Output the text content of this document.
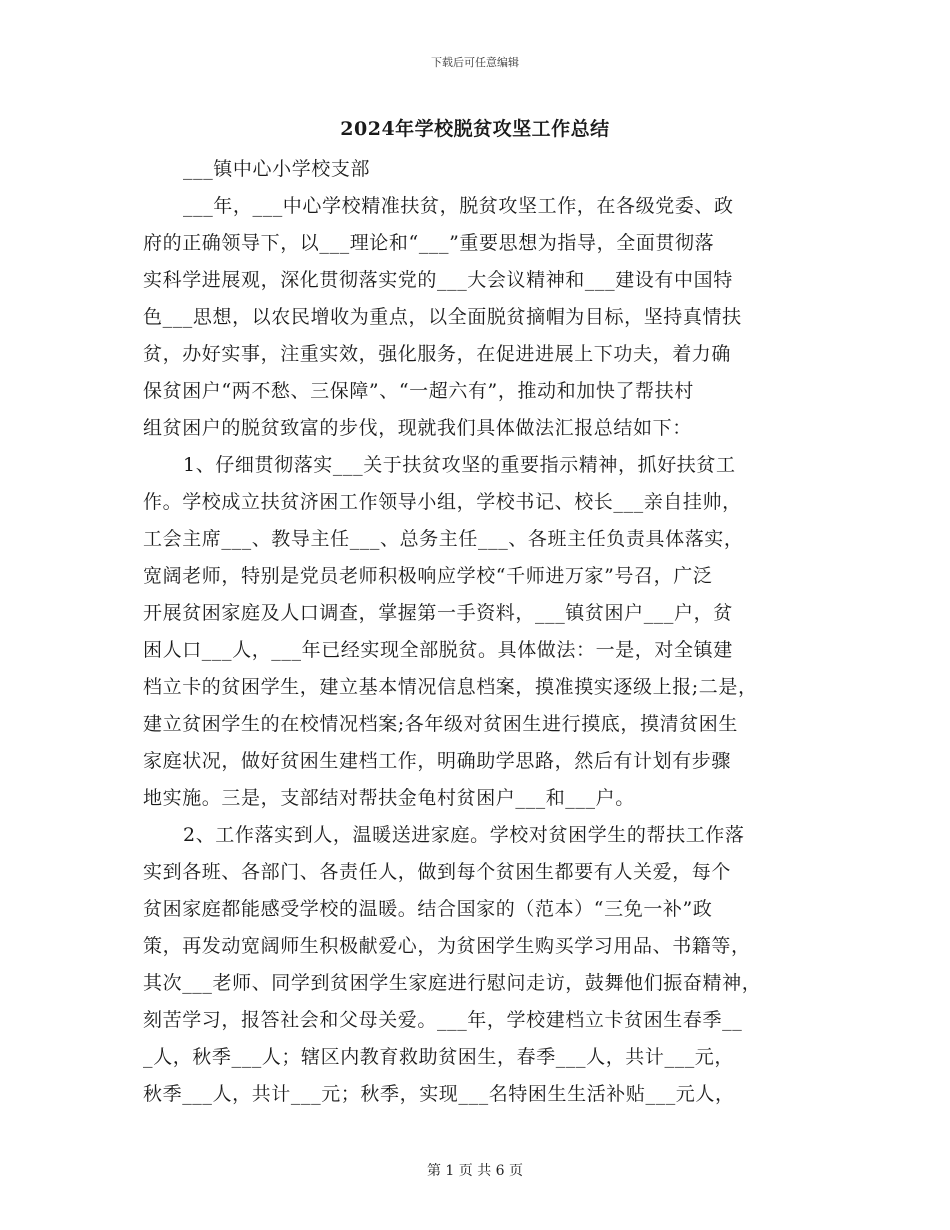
下载后可任意编辑
2024年学校脱贫攻坚工作总结
___镇中心小学校支部
___年，___中心学校精准扶贫，脱贫攻坚工作，在各级党委、政
府的正确领导下，以___理论和“___”重要思想为指导，全面贯彻落
实科学进展观，深化贯彻落实党的___大会议精神和___建设有中国特
色___思想，以农民增收为重点，以全面脱贫摘帽为目标，坚持真情扶
贫，办好实事，注重实效，强化服务，在促进进展上下功夫，着力确
保贫困户“两不愁、三保障”、“一超六有”，推动和加快了帮扶村
组贫困户的脱贫致富的步伐，现就我们具体做法汇报总结如下：
1、仔细贯彻落实___关于扶贫攻坚的重要指示精神，抓好扶贫工
作。学校成立扶贫济困工作领导小组，学校书记、校长___亲自挂帅，
工会主席___、教导主任___、总务主任___、各班主任负责具体落实，
宽阔老师，特别是党员老师积极响应学校“千师进万家”号召，广泛
开展贫困家庭及人口调查，掌握第一手资料，___镇贫困户___户，贫
困人口___人，___年已经实现全部脱贫。具体做法：一是，对全镇建
档立卡的贫困学生，建立基本情况信息档案，摸准摸实逐级上报;二是，
建立贫困学生的在校情况档案;各年级对贫困生进行摸底，摸清贫困生
家庭状况，做好贫困生建档工作，明确助学思路，然后有计划有步骤
地实施。三是，支部结对帮扶金龟村贫困户___和___户。
2、工作落实到人，温暖送进家庭。学校对贫困学生的帮扶工作落
实到各班、各部门、各责任人，做到每个贫困生都要有人关爱，每个
贫困家庭都能感受学校的温暖。结合国家的（范本）“三免一补”政
策，再发动宽阔师生积极献爱心，为贫困学生购买学习用品、书籍等，
其次___老师、同学到贫困学生家庭进行慰问走访，鼓舞他们振奋精神，
刻苦学习，报答社会和父母关爱。___年，学校建档立卡贫困生春季__
_人，秋季___人；辖区内教育救助贫困生，春季___人，共计___元，
秋季___人，共计___元；秋季，实现___名特困生生活补贴___元人，
第 1 页 共 6 页
